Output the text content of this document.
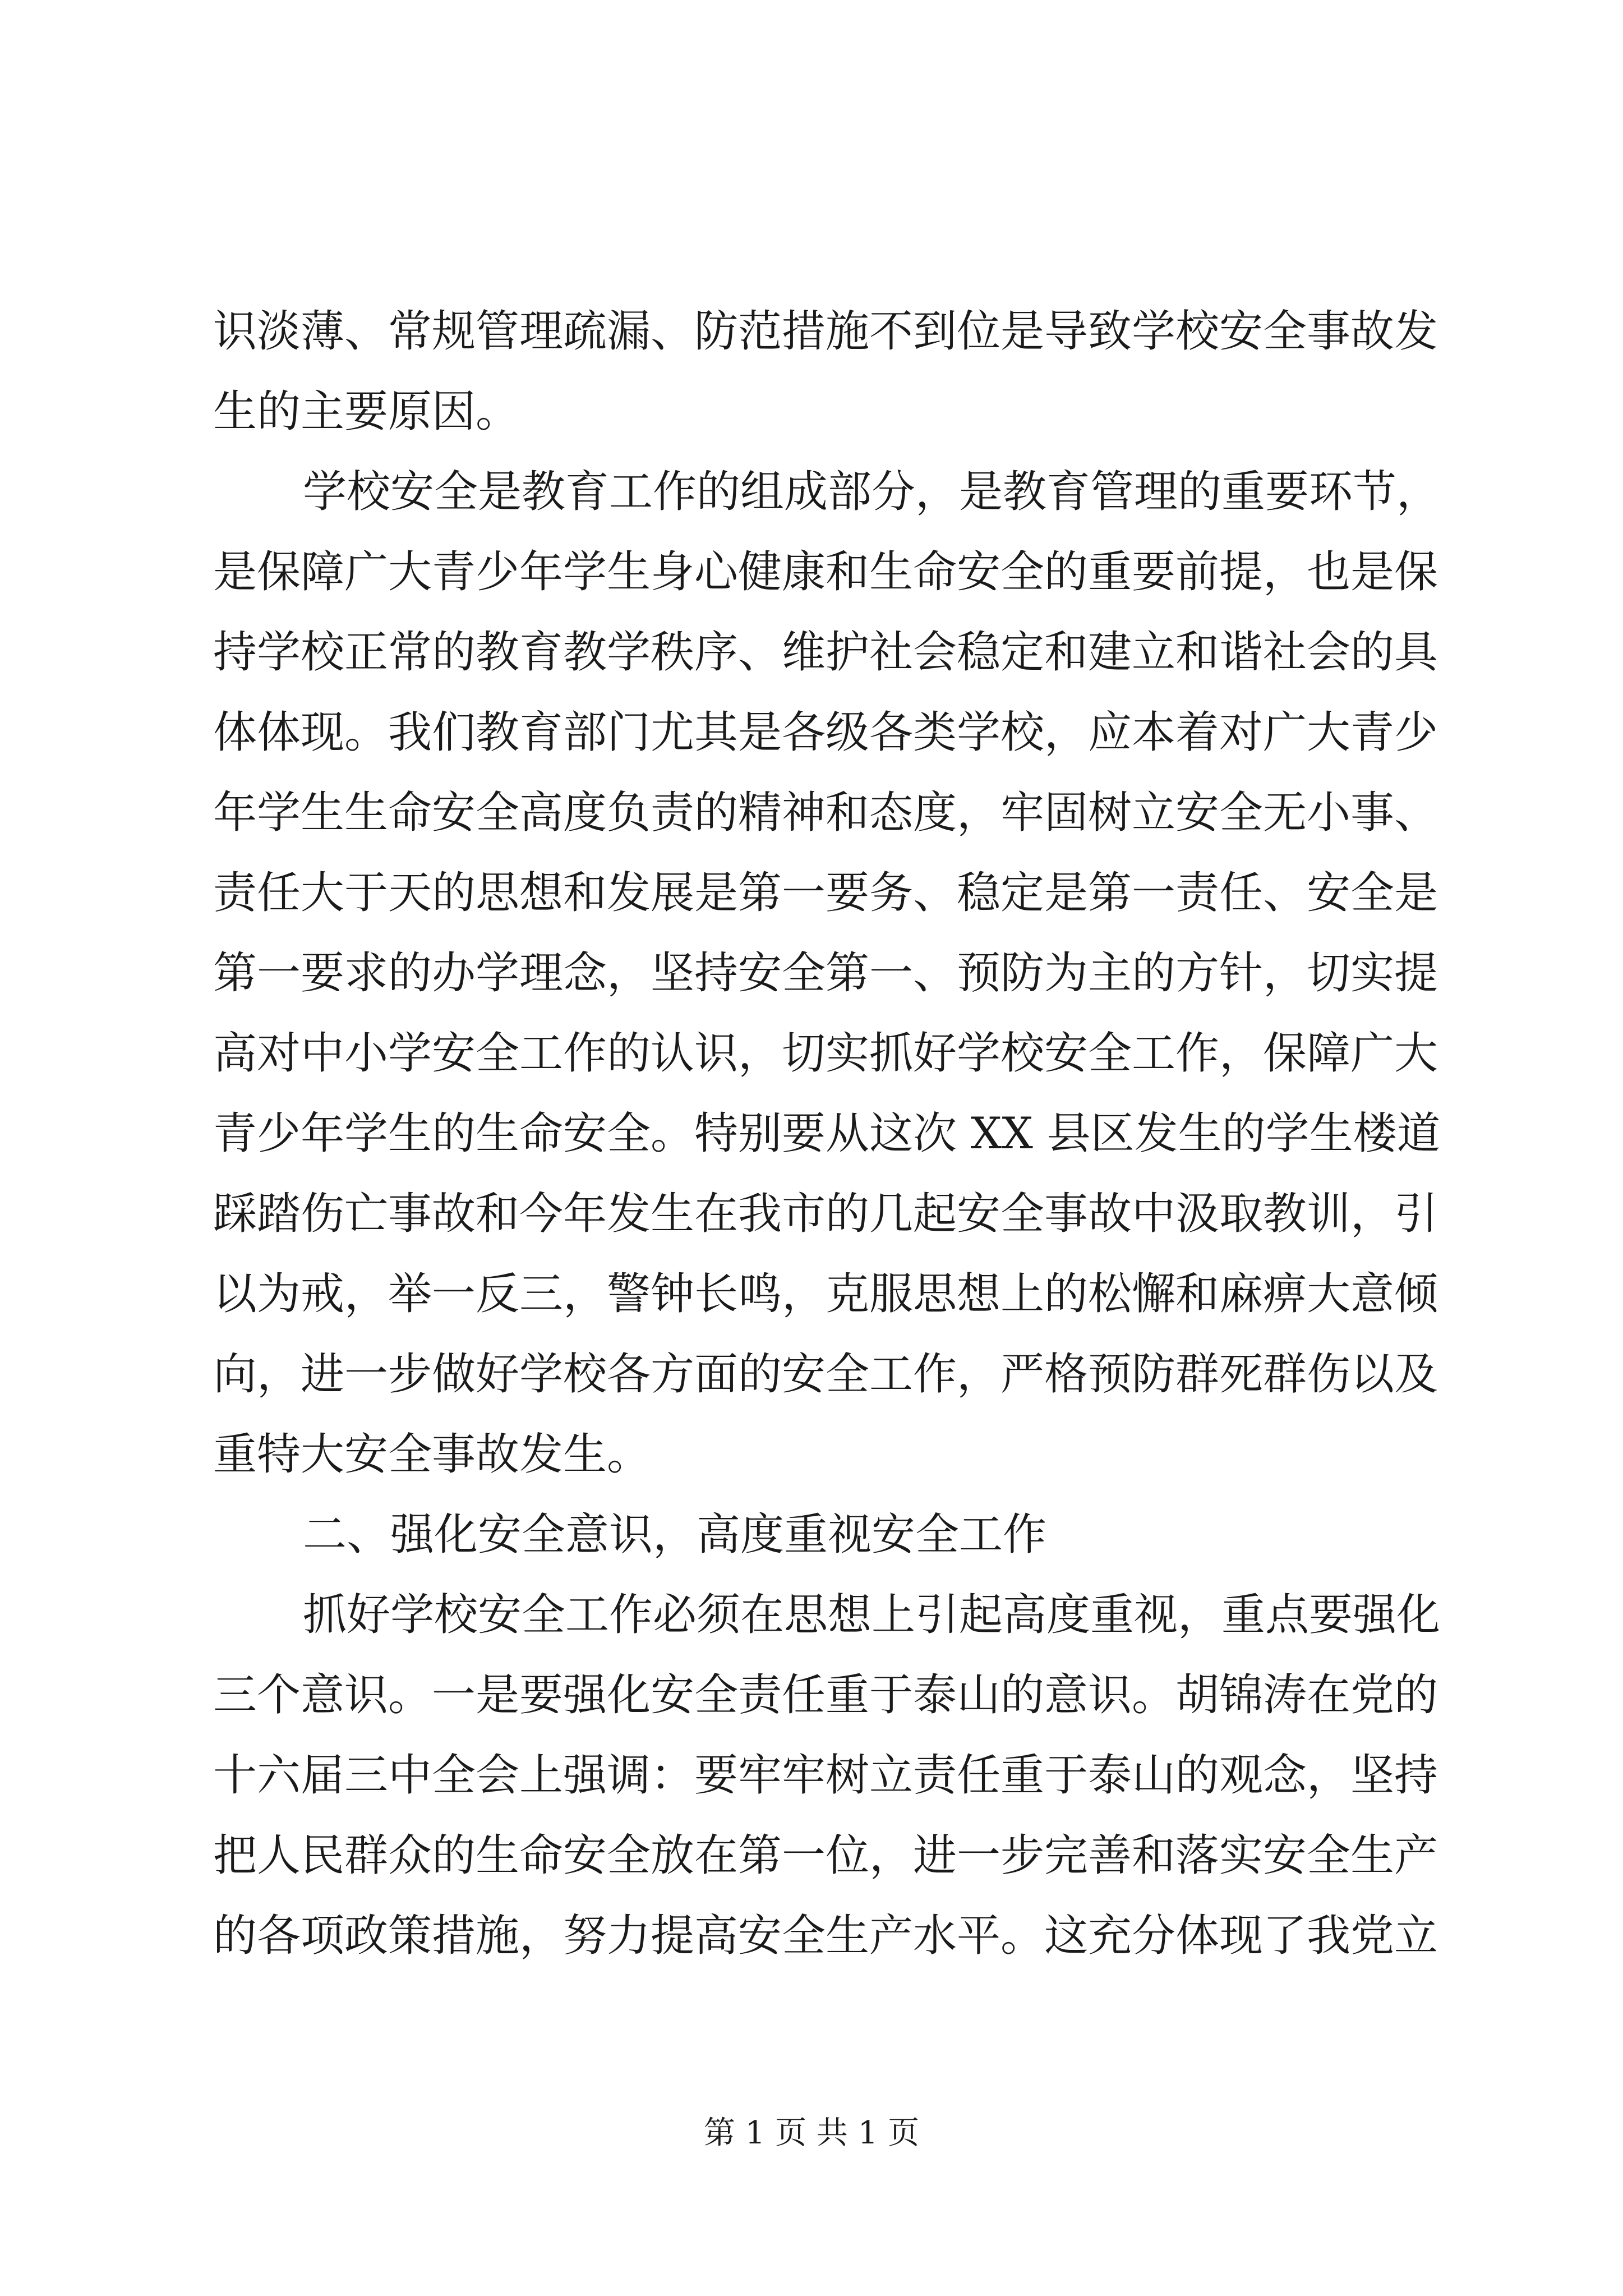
识淡薄、常规管理疏漏、防范措施不到位是导致学校安全事故发
生的主要原因。
学校安全是教育工作的组成部分，是教育管理的重要环节，
是保障广大青少年学生身心健康和生命安全的重要前提，也是保
持学校正常的教育教学秩序、维护社会稳定和建立和谐社会的具
体体现。我们教育部门尤其是各级各类学校，应本着对广大青少
年学生生命安全高度负责的精神和态度，牢固树立安全无小事、
责任大于天的思想和发展是第一要务、稳定是第一责任、安全是
第一要求的办学理念，坚持安全第一、预防为主的方针，切实提
高对中小学安全工作的认识，切实抓好学校安全工作，保障广大
青少年学生的生命安全。特别要从这次 XX 县区发生的学生楼道
踩踏伤亡事故和今年发生在我市的几起安全事故中汲取教训，引
以为戒，举一反三，警钟长鸣，克服思想上的松懈和麻痹大意倾
向，进一步做好学校各方面的安全工作，严格预防群死群伤以及
重特大安全事故发生。
二、强化安全意识，高度重视安全工作
抓好学校安全工作必须在思想上引起高度重视，重点要强化
三个意识。一是要强化安全责任重于泰山的意识。胡锦涛在党的
十六届三中全会上强调：要牢牢树立责任重于泰山的观念，坚持
把人民群众的生命安全放在第一位，进一步完善和落实安全生产
的各项政策措施，努力提高安全生产水平。这充分体现了我党立
第 1 页 共 1 页
